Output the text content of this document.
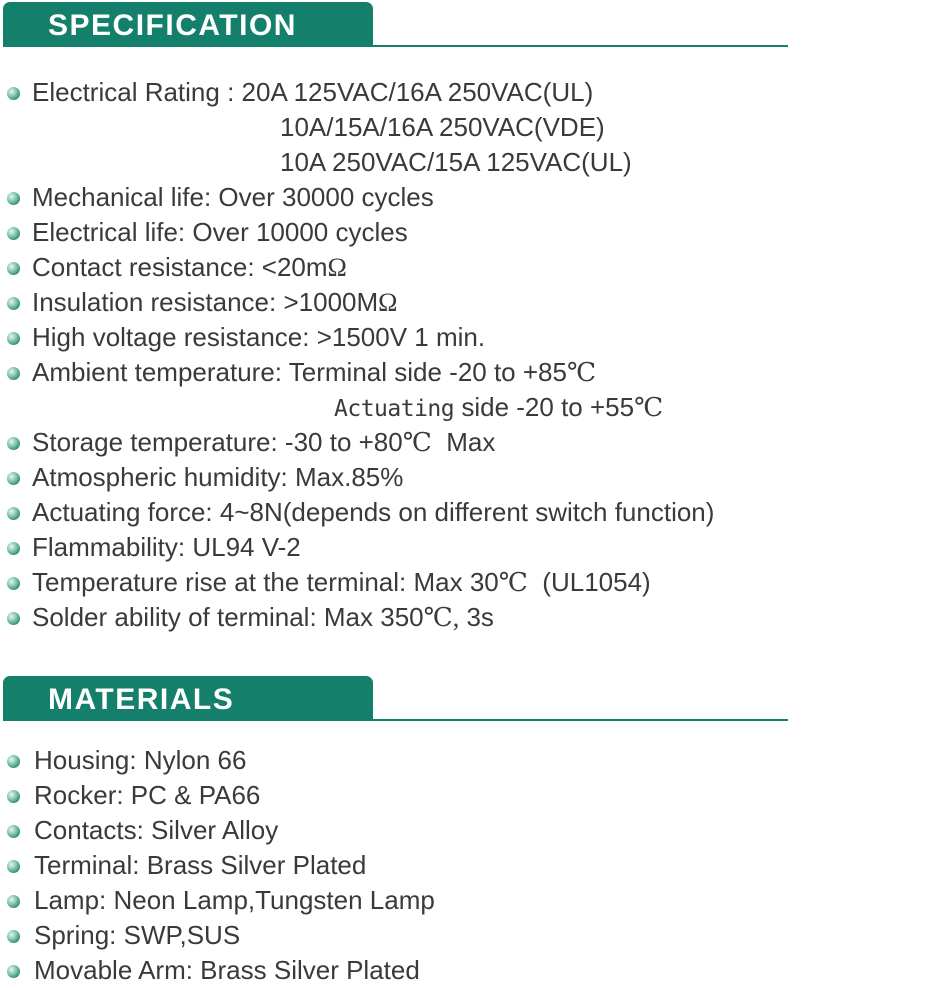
SPECIFICATION
Electrical Rating : 20A 125VAC/16A 250VAC(UL)
10A/15A/16A 250VAC(VDE)
10A 250VAC/15A 125VAC(UL)
Mechanical life: Over 30000 cycles
Electrical life: Over 10000 cycles
Contact resistance: <20mΩ
Insulation resistance: >1000MΩ
High voltage resistance: >1500V 1 min.
Ambient temperature: Terminal side -20 to +85℃
Actuating side -20 to +55℃
Storage temperature: -30 to +80℃  Max
Atmospheric humidity: Max.85%
Actuating force: 4~8N(depends on different switch function)
Flammability: UL94 V-2
Temperature rise at the terminal: Max 30℃  (UL1054)
Solder ability of terminal: Max 350℃, 3s
MATERIALS
Housing: Nylon 66
Rocker: PC & PA66
Contacts: Silver Alloy
Terminal: Brass Silver Plated
Lamp: Neon Lamp,Tungsten Lamp
Spring: SWP,SUS
Movable Arm: Brass Silver Plated
